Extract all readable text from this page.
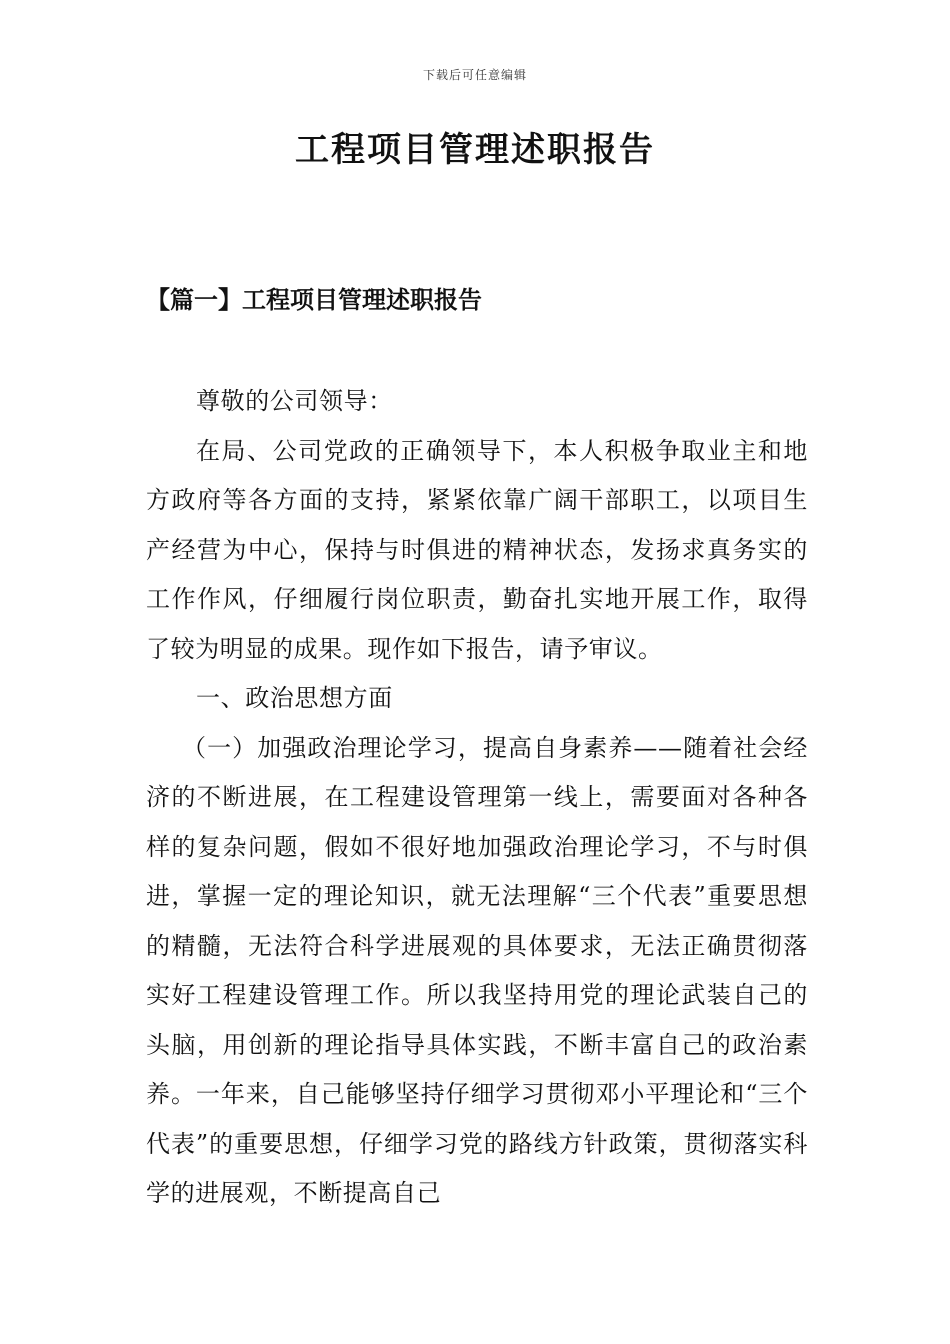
下载后可任意编辑
工程项目管理述职报告
【篇一】工程项目管理述职报告

尊敬的公司领导：

在局、公司党政的正确领导下，本人积极争取业主和地方政府等各方面的支持，紧紧依靠广阔干部职工，以项目生产经营为中心，保持与时俱进的精神状态，发扬求真务实的工作作风，仔细履行岗位职责，勤奋扎实地开展工作，取得了较为明显的成果。现作如下报告，请予审议。

一、政治思想方面

（一）加强政治理论学习，提高自身素养——随着社会经济的不断进展，在工程建设管理第一线上，需要面对各种各样的复杂问题，假如不很好地加强政治理论学习，不与时俱进，掌握一定的理论知识，就无法理解“三个代表”重要思想的精髓，无法符合科学进展观的具体要求，无法正确贯彻落实好工程建设管理工作。所以我坚持用党的理论武装自己的头脑，用创新的理论指导具体实践，不断丰富自己的政治素养。一年来，自己能够坚持仔细学习贯彻邓小平理论和“三个代表”的重要思想，仔细学习党的路线方针政策，贯彻落实科学的进展观，不断提高自己
